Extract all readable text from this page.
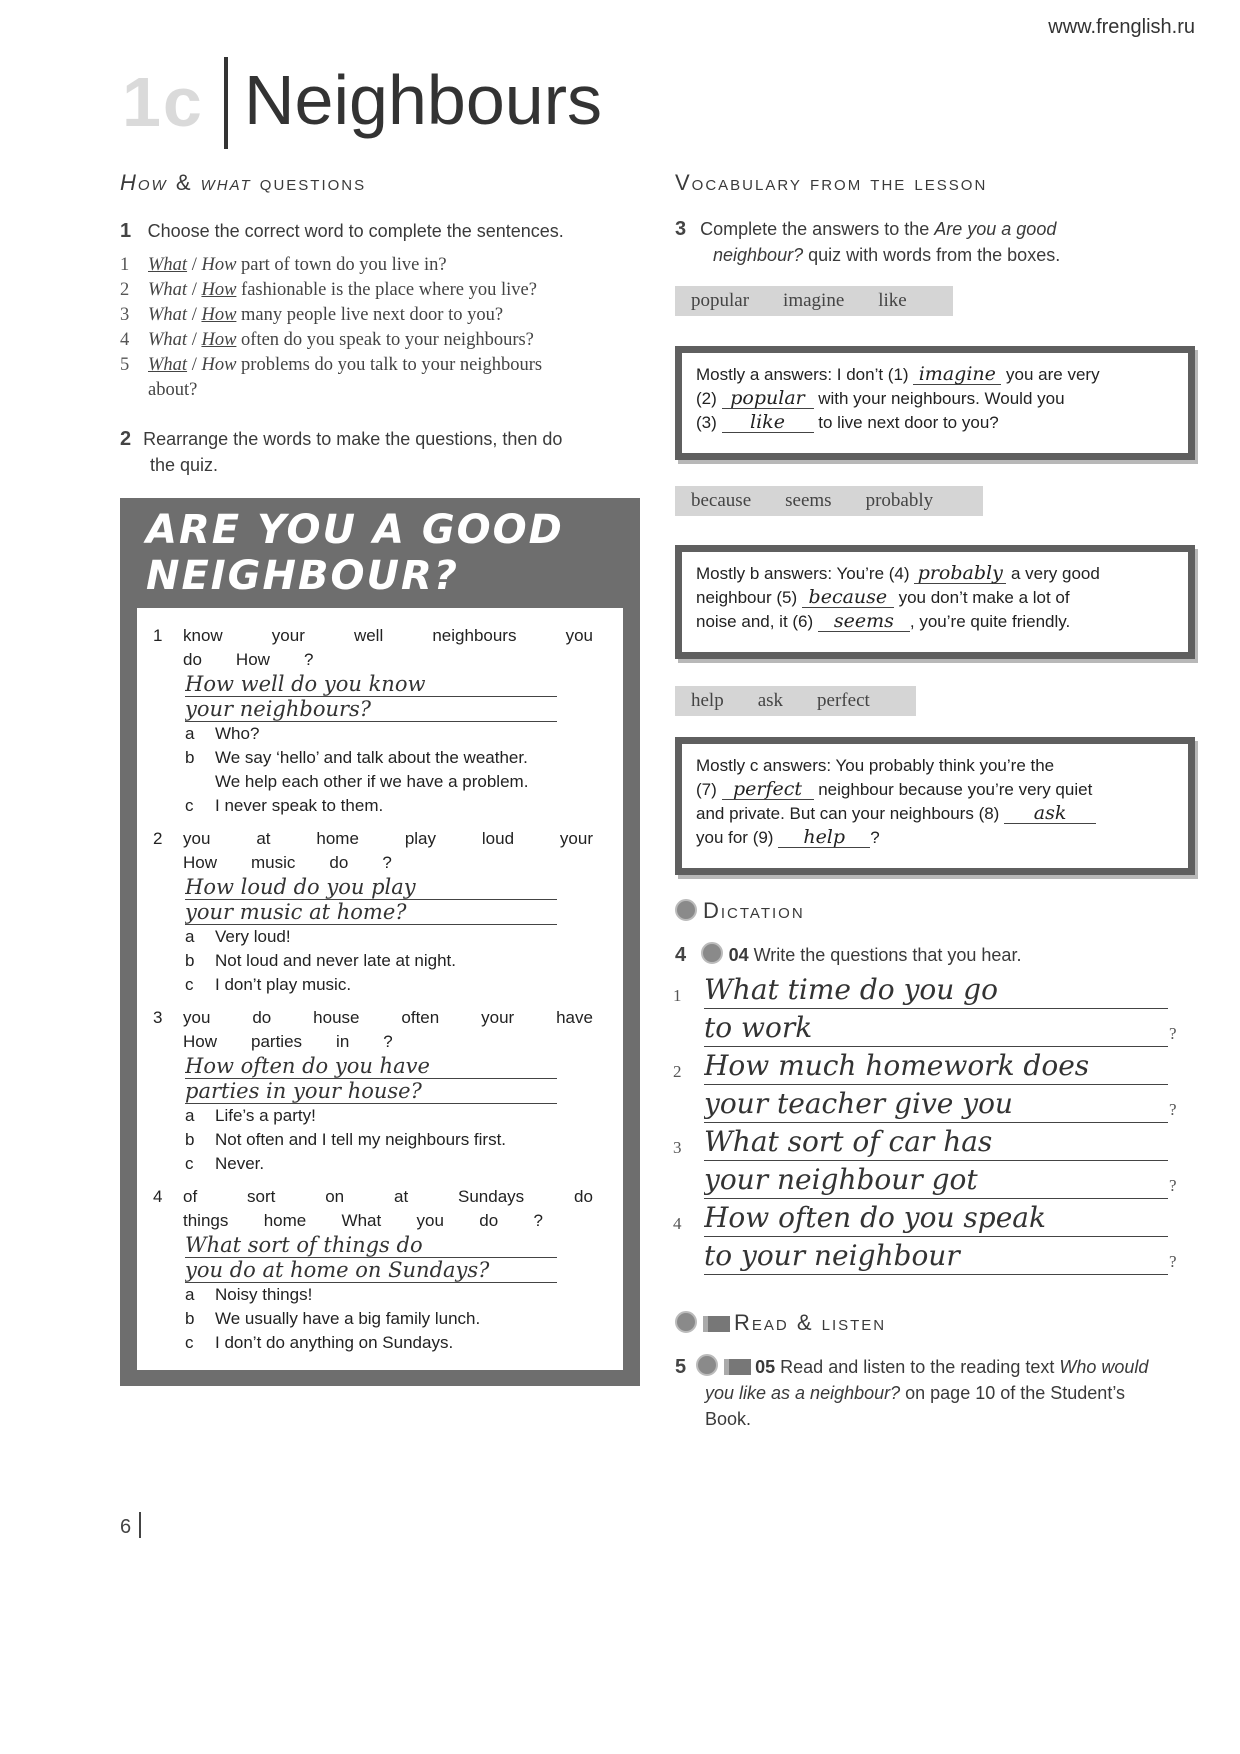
www.frenglish.ru
1c Neighbours
How & what questions
1 Choose the correct word to complete the sentences.
1 What / How part of town do you live in?
2 What / How fashionable is the place where you live?
3 What / How many people live next door to you?
4 What / How often do you speak to your neighbours?
5 What / How problems do you talk to your neighbours
about?
2 Rearrange the words to make the questions, then do
the quiz.
ARE YOU A GOOD
NEIGHBOUR?
1 know	your	well	neighbours	you
do How ?
How well do you know
your neighbours?
a Who?
b We say ‘hello’ and talk about the weather.
We help each other if we have a problem.
c I never speak to them.
2 you	at	home	play	loud	your
How music do ?
How loud do you play
your music at home?
a Very loud!
b Not loud and never late at night.
c I don’t play music.
3 you do house often your have
How parties in ?
How often do you have
parties in your house?
a Life’s a party!
b Not often and I tell my neighbours first.
c Never.
4 of	sort	on	at	Sundays	do
things home What you do ?
What sort of things do
you do at home on Sundays?
a Noisy things!
b We usually have a big family lunch.
c I don’t do anything on Sundays.
6
Vocabulary from the lesson
3 Complete the answers to the Are you a good
neighbour? quiz with words from the boxes.
popular imagine like
Mostly a answers: I don’t (1) imagine you are very
(2) popular with your neighbours. Would you
(3) like to live next door to you?
because seems probably
Mostly b answers: You’re (4) probably a very good
neighbour (5) because you don’t make a lot of
noise and, it (6) seems , you’re quite friendly.
help ask perfect
Mostly c answers: You probably think you’re the
(7) perfect neighbour because you’re very quiet
and private. But can your neighbours (8) ask
you for (9) help ?
Dictation
4 04 Write the questions that you hear.
1 What time do you go
to work	?
2 How much homework does
your teacher give you	?
3 What sort of car has
your neighbour got	?
4 How often do you speak
to your neighbour	?
Read & listen
5	05 Read and listen to the reading text Who would
you like as a neighbour? on page 10 of the Student’s
Book.
